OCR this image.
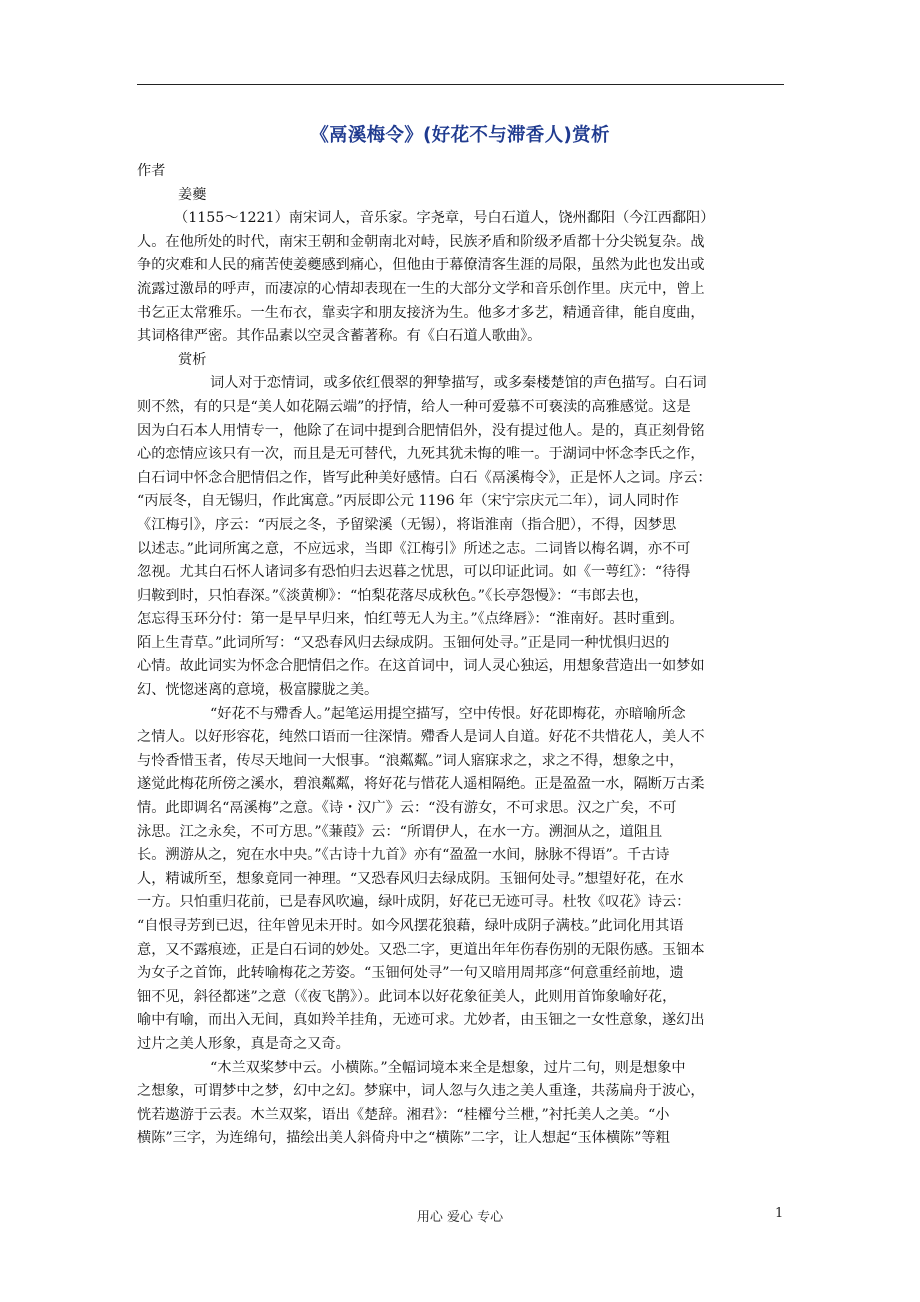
《鬲溪梅令》(好花不与滞香人)赏析
作者
姜夔
（1155～1221）南宋词人，音乐家。字尧章，号白石道人，饶州鄱阳（今江西鄱阳）
人。在他所处的时代，南宋王朝和金朝南北对峙，民族矛盾和阶级矛盾都十分尖锐复杂。战
争的灾难和人民的痛苦使姜夔感到痛心，但他由于幕僚清客生涯的局限，虽然为此也发出或
流露过激昂的呼声，而凄凉的心情却表现在一生的大部分文学和音乐创作里。庆元中，曾上
书乞正太常雅乐。一生布衣，靠卖字和朋友接济为生。他多才多艺，精通音律，能自度曲，
其词格律严密。其作品素以空灵含蓄著称。有《白石道人歌曲》。
赏析
词人对于恋情词，或多依红偎翠的狎挚描写，或多秦楼楚馆的声色描写。白石词
则不然，有的只是“美人如花隔云端”的抒情，给人一种可爱慕不可亵渎的高雅感觉。这是
因为白石本人用情专一，他除了在词中提到合肥情侣外，没有提过他人。是的，真正刻骨铭
心的恋情应该只有一次，而且是无可替代，九死其犹未悔的唯一。于湖词中怀念李氏之作，
白石词中怀念合肥情侣之作，皆写此种美好感情。白石《鬲溪梅令》，正是怀人之词。序云：
“丙辰冬，自无锡归，作此寓意。”丙辰即公元 1196 年（宋宁宗庆元二年），词人同时作
《江梅引》，序云：“丙辰之冬，予留梁溪（无锡），将诣淮南（指合肥），不得，因梦思
以述志。”此词所寓之意，不应远求，当即《江梅引》所述之志。二词皆以梅名调，亦不可
忽视。尤其白石怀人诸词多有恐怕归去迟暮之忧思，可以印证此词。如《一萼红》：“待得
归鞍到时，只怕春深。”《淡黄柳》：“怕梨花落尽成秋色。”《长亭怨慢》：“韦郎去也，
怎忘得玉环分付：第一是早早归来，怕红萼无人为主。”《点绛唇》：“淮南好。甚时重到。
陌上生青草。”此词所写：“又恐春风归去绿成阴。玉钿何处寻。”正是同一种忧惧归迟的
心情。故此词实为怀念合肥情侣之作。在这首词中，词人灵心独运，用想象营造出一如梦如
幻、恍惚迷离的意境，极富朦胧之美。
“好花不与殢香人。”起笔运用提空描写，空中传恨。好花即梅花，亦暗喻所念
之情人。以好形容花，纯然口语而一往深情。殢香人是词人自道。好花不共惜花人，美人不
与怜香惜玉者，传尽天地间一大恨事。“浪粼粼。”词人寤寐求之，求之不得，想象之中，
遂觉此梅花所傍之溪水，碧浪粼粼，将好花与惜花人遥相隔绝。正是盈盈一水，隔断万古柔
情。此即调名“鬲溪梅”之意。《诗・汉广》云：“没有游女，不可求思。汉之广矣，不可
泳思。江之永矣，不可方思。”《蒹葭》云：“所谓伊人，在水一方。溯洄从之，道阻且
长。溯游从之，宛在水中央。”《古诗十九首》亦有“盈盈一水间，脉脉不得语”。千古诗
人，精诚所至，想象竟同一神理。“又恐春风归去绿成阴。玉钿何处寻。”想望好花，在水
一方。只怕重归花前，已是春风吹遍，绿叶成阴，好花已无迹可寻。杜牧《叹花》诗云：
“自恨寻芳到已迟，往年曾见未开时。如今风摆花狼藉，绿叶成阴子满枝。”此词化用其语
意，又不露痕迹，正是白石词的妙处。又恐二字，更道出年年伤春伤别的无限伤感。玉钿本
为女子之首饰，此转喻梅花之芳姿。“玉钿何处寻”一句又暗用周邦彦“何意重经前地，遗
钿不见，斜径都迷”之意（《夜飞鹊》）。此词本以好花象征美人，此则用首饰象喻好花，
喻中有喻，而出入无间，真如羚羊挂角，无迹可求。尤妙者，由玉钿之一女性意象，遂幻出
过片之美人形象，真是奇之又奇。
“木兰双桨梦中云。小横陈。”全幅词境本来全是想象，过片二句，则是想象中
之想象，可谓梦中之梦，幻中之幻。梦寐中，词人忽与久违之美人重逢，共荡扁舟于波心，
恍若遨游于云表。木兰双桨，语出《楚辞。湘君》：“桂櫂兮兰枻，”衬托美人之美。“小
横陈”三字，为连绵句，描绘出美人斜倚舟中之“横陈”二字，让人想起“玉体横陈”等粗
用心 爱心 专心	1
